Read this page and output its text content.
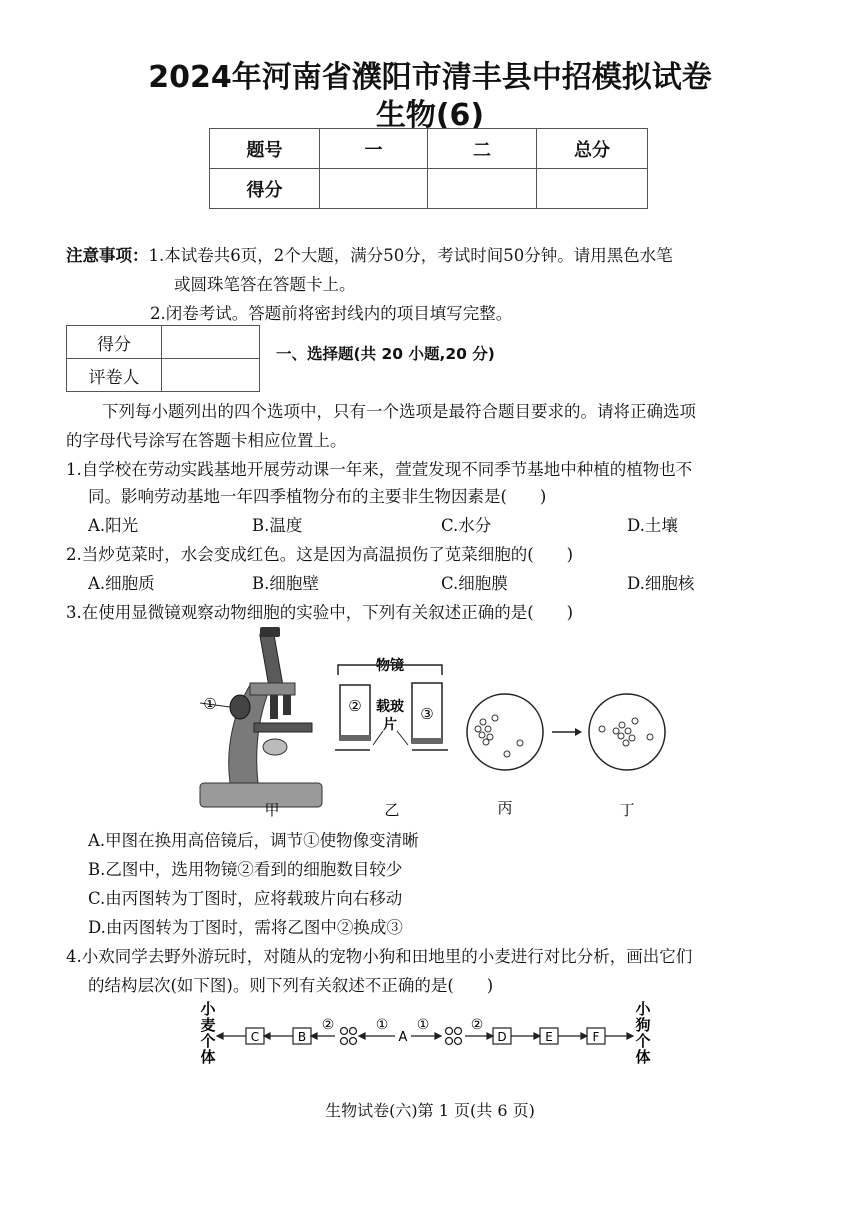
2024年河南省濮阳市清丰县中招模拟试卷
生物(6)
题号	一	二	总分
得分			
注意事项：1.本试卷共6页，2个大题，满分50分，考试时间50分钟。请用黑色水笔
或圆珠笔答在答题卡上。
2.闭卷考试。答题前将密封线内的项目填写完整。
得分	
评卷人	
一、选择题(共 20 小题,20 分)
下列每小题列出的四个选项中，只有一个选项是最符合题目要求的。请将正确选项
的字母代号涂写在答题卡相应位置上。
1.自学校在劳动实践基地开展劳动课一年来，萱萱发现不同季节基地中种植的植物也不
同。影响劳动基地一年四季植物分布的主要非生物因素是(　　)
A.阳光	B.温度	C.水分	D.土壤
2.当炒苋菜时，水会变成红色。这是因为高温损伤了苋菜细胞的(　　)
A.细胞质	B.细胞壁	C.细胞膜	D.细胞核
3.在使用显微镜观察动物细胞的实验中，下列有关叙述正确的是(　　)
①
物镜
②	③
载玻
片
甲	乙	丙	丁
A.甲图在换用高倍镜后，调节①使物像变清晰
B.乙图中，选用物镜②看到的细胞数目较少
C.由丙图转为丁图时，应将载玻片向右移动
D.由丙图转为丁图时，需将乙图中②换成③
4.小欢同学去野外游玩时，对随从的宠物小狗和田地里的小麦进行对比分析，画出它们
的结构层次(如下图)。则下列有关叙述不正确的是(　　)
小
麦
个
体
小
狗
个
体
C	B	D	E	F
A
②	① ①	②
生物试卷(六)第 1 页(共 6 页)
